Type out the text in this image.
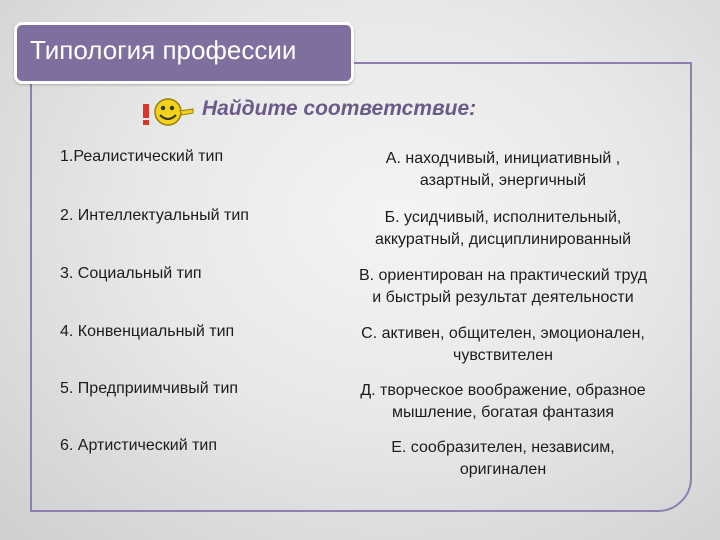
Типология профессии
Найдите соответствие:
1.Реалистический тип
2. Интеллектуальный тип
3. Социальный тип
4. Конвенциальный тип
5. Предприимчивый тип
6. Артистический тип
А. находчивый, инициативный ,
азартный, энергичный
Б. усидчивый, исполнительный,
аккуратный, дисциплинированный
В. ориентирован на практический труд
и быстрый результат деятельности
С. активен, общителен, эмоционален,
чувствителен
Д. творческое воображение, образное
мышление, богатая фантазия
Е. сообразителен, независим,
оригинален
